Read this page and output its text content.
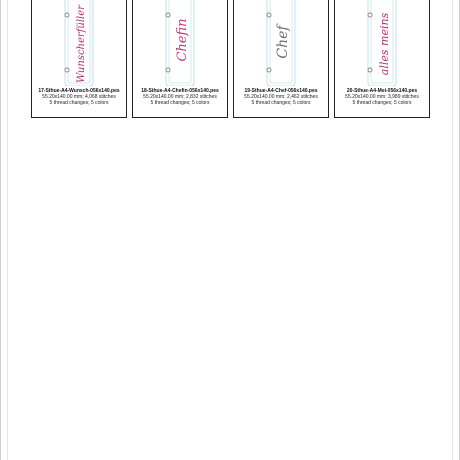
Wunscherfüller
17-Sthue-A4-Wunsch-056x140.pes
55.20x140.00 mm; 4,068 stitches
5 thread changes; 5 colors
Chefin
18-Sthue-A4-Chefin-056x140.pes
55.20x140.00 mm; 2,832 stitches
5 thread changes; 5 colors
Chef
19-Sthue-A4-Chef-056x140.pes
55.20x140.00 mm; 2,462 stitches
5 thread changes; 5 colors
alles meins
20-Sthue-A4-Mei-056x140.pes
55.20x140.00 mm; 3,989 stitches
5 thread changes; 5 colors
